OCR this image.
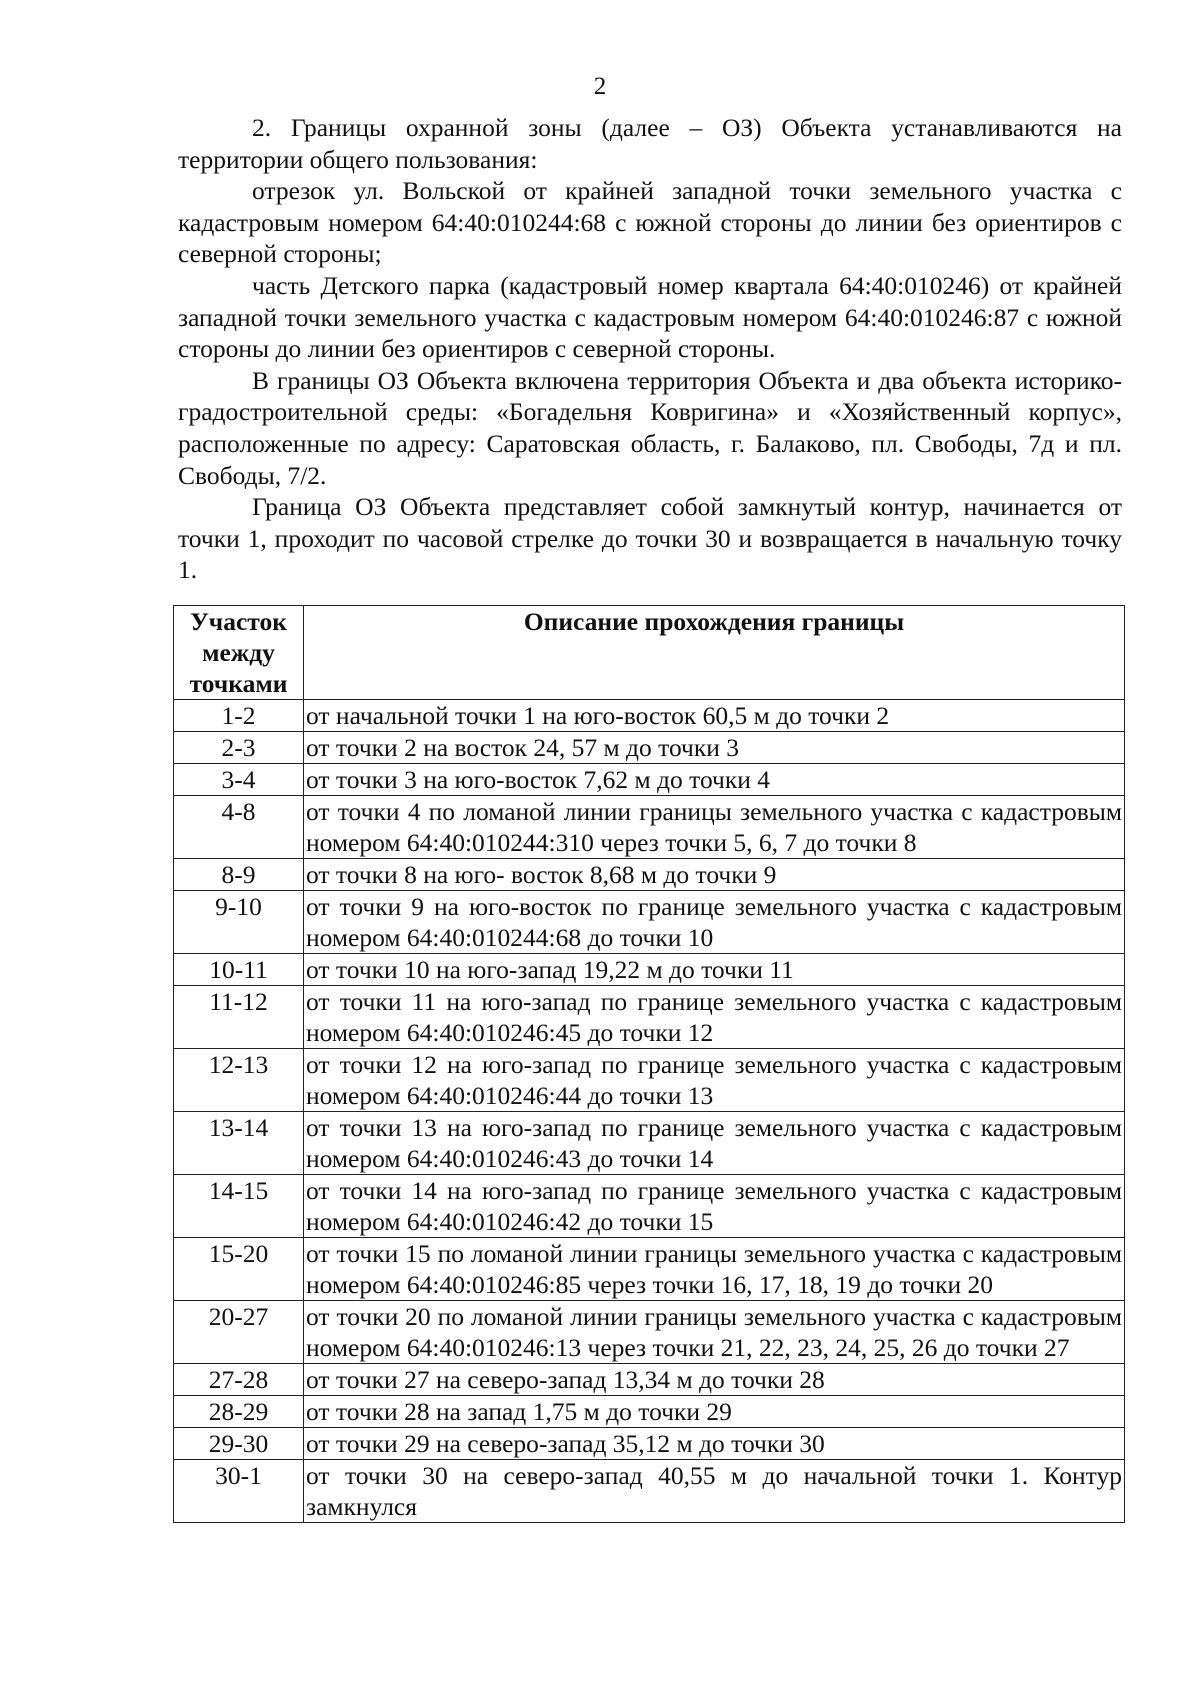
2

2. Границы охранной зоны (далее – ОЗ) Объекта устанавливаются на территории общего пользования:

отрезок ул. Вольской от крайней западной точки земельного участка с кадастровым номером 64:40:010244:68 с южной стороны до линии без ориентиров с северной стороны;

часть Детского парка (кадастровый номер квартала 64:40:010246) от крайней западной точки земельного участка с кадастровым номером 64:40:010246:87 с южной стороны до линии без ориентиров с северной стороны.

В границы ОЗ Объекта включена территория Объекта и два объекта историко-градостроительной среды: «Богадельня Ковригина» и «Хозяйственный корпус», расположенные по адресу: Саратовская область, г. Балаково, пл. Свободы, 7д и пл. Свободы, 7/2.

Граница ОЗ Объекта представляет собой замкнутый контур, начинается от точки 1, проходит по часовой стрелке до точки 30 и возвращается в начальную точку 1.

Участок между точками	Описание прохождения границы
1-2	от начальной точки 1 на юго-восток 60,5 м до точки 2
2-3	от точки 2 на восток 24, 57 м до точки 3
3-4	от точки 3 на юго-восток 7,62 м до точки 4
4-8	от точки 4 по ломаной линии границы земельного участка с кадастровым номером 64:40:010244:310 через точки 5, 6, 7 до точки 8
8-9	от точки 8 на юго- восток 8,68 м до точки 9
9-10	от точки 9 на юго-восток по границе земельного участка с кадастровым номером 64:40:010244:68 до точки 10
10-11	от точки 10 на юго-запад 19,22 м до точки 11
11-12	от точки 11 на юго-запад по границе земельного участка с кадастровым номером 64:40:010246:45 до точки 12
12-13	от точки 12 на юго-запад по границе земельного участка с кадастровым номером 64:40:010246:44 до точки 13
13-14	от точки 13 на юго-запад по границе земельного участка с кадастровым номером 64:40:010246:43 до точки 14
14-15	от точки 14 на юго-запад по границе земельного участка с кадастровым номером 64:40:010246:42 до точки 15
15-20	от точки 15 по ломаной линии границы земельного участка с кадастровым номером 64:40:010246:85 через точки 16, 17, 18, 19 до точки 20
20-27	от точки 20 по ломаной линии границы земельного участка с кадастровым номером 64:40:010246:13 через точки 21, 22, 23, 24, 25, 26 до точки 27
27-28	от точки 27 на северо-запад 13,34 м до точки 28
28-29	от точки 28 на запад 1,75 м до точки 29
29-30	от точки 29 на северо-запад 35,12 м до точки 30
30-1	от точки 30 на северо-запад 40,55 м до начальной точки 1. Контур замкнулся
